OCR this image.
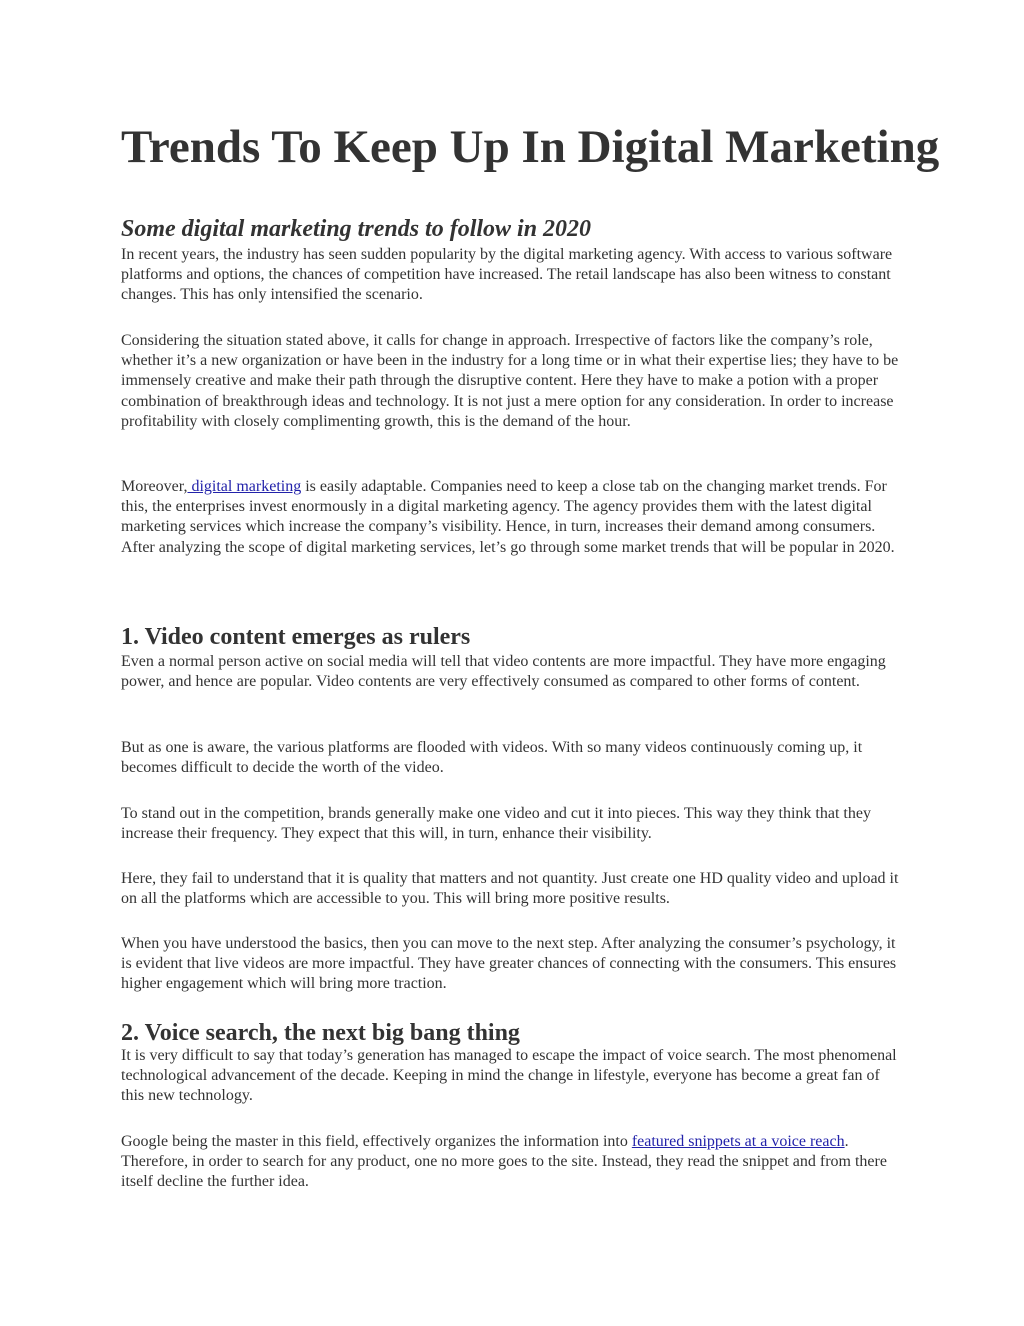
Trends To Keep Up In Digital Marketing
Some digital marketing trends to follow in 2020

In recent years, the industry has seen sudden popularity by the digital marketing agency. With access to various software platforms and options, the chances of competition have increased. The retail landscape has also been witness to constant changes. This has only intensified the scenario.

Considering the situation stated above, it calls for change in approach. Irrespective of factors like the company’s role, whether it’s a new organization or have been in the industry for a long time or in what their expertise lies; they have to be immensely creative and make their path through the disruptive content. Here they have to make a potion with a proper combination of breakthrough ideas and technology. It is not just a mere option for any consideration. In order to increase profitability with closely complimenting growth, this is the demand of the hour.

Moreover, digital marketing is easily adaptable. Companies need to keep a close tab on the changing market trends. For this, the enterprises invest enormously in a digital marketing agency. The agency provides them with the latest digital marketing services which increase the company’s visibility. Hence, in turn, increases their demand among consumers.
After analyzing the scope of digital marketing services, let’s go through some market trends that will be popular in 2020.

1. Video content emerges as rulers

Even a normal person active on social media will tell that video contents are more impactful. They have more engaging power, and hence are popular. Video contents are very effectively consumed as compared to other forms of content.

But as one is aware, the various platforms are flooded with videos. With so many videos continuously coming up, it becomes difficult to decide the worth of the video.

To stand out in the competition, brands generally make one video and cut it into pieces. This way they think that they increase their frequency. They expect that this will, in turn, enhance their visibility.

Here, they fail to understand that it is quality that matters and not quantity. Just create one HD quality video and upload it on all the platforms which are accessible to you. This will bring more positive results.

When you have understood the basics, then you can move to the next step. After analyzing the consumer’s psychology, it is evident that live videos are more impactful. They have greater chances of connecting with the consumers. This ensures higher engagement which will bring more traction.

2. Voice search, the next big bang thing

It is very difficult to say that today’s generation has managed to escape the impact of voice search. The most phenomenal technological advancement of the decade. Keeping in mind the change in lifestyle, everyone has become a great fan of this new technology.

Google being the master in this field, effectively organizes the information into featured snippets at a voice reach. Therefore, in order to search for any product, one no more goes to the site. Instead, they read the snippet and from there itself decline the further idea.
